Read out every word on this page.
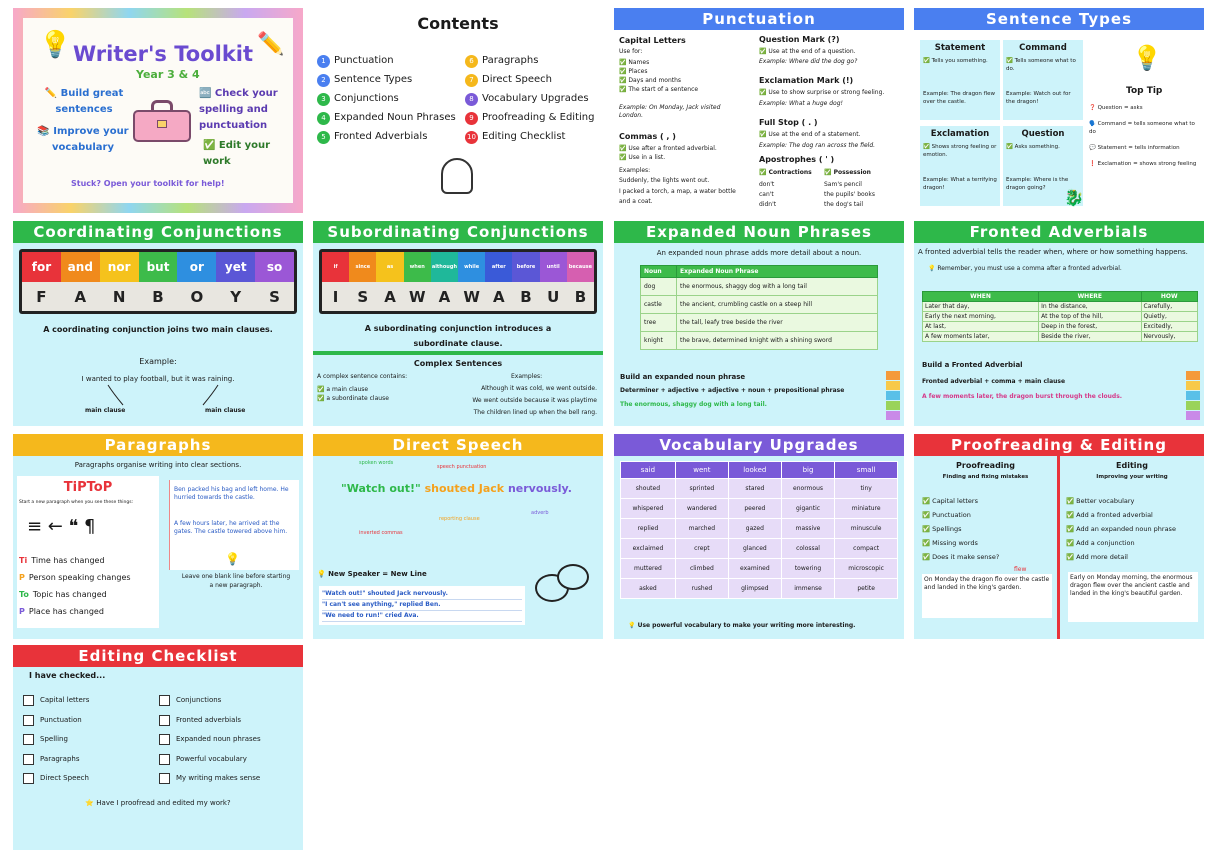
💡	✏️
Writer's Toolkit
Year 3 & 4
✏️ Build great sentences
🔤 Check your spelling and punctuation
📚 Improve your vocabulary	✅ Edit your work
Stuck? Open your toolkit for help!
Contents
1 Punctuation
2 Sentence Types
3 Conjunctions
4 Expanded Noun Phrases
5 Fronted Adverbials
6 Paragraphs
7 Direct Speech
8 Vocabulary Upgrades
9 Proofreading & Editing
10 Editing Checklist
Punctuation
Capital Letters
Use for:
✅ Names
✅ Places
✅ Days and months
✅ The start of a sentence
Example: On Monday, Jack visited London.
Commas ( , )
✅ Use after a fronted adverbial.
✅ Use in a list.
Examples:
Suddenly, the lights went out.
I packed a torch, a map, a water bottle and a coat.
Question Mark (?)
✅ Use at the end of a question.
Example: Where did the dog go?
Exclamation Mark (!)
✅ Use to show surprise or strong feeling.
Example: What a huge dog!
Full Stop ( . )
✅ Use at the end of a statement.
Example: The dog ran across the field.
Apostrophes ( ' )
✅ Contractions ✅ Possession
don't
can't
didn't
Sam's pencil
the pupils' books
the dog's tail
Sentence Types
Statement
✅ Tells you something.
Example: The dragon flew over the castle.
Command
✅ Tells someone what to do.
Example: Watch out for the dragon!
Exclamation
✅ Shows strong feeling or emotion.
Example: What a terrifying dragon!
Question
✅ Asks something.
Example: Where is the dragon going?
💡
Top Tip
❓ Question = asks
🗣️ Command = tells someone what to do
💬 Statement = tells information
❗ Exclamation = shows strong feeling
🐉
Coordinating Conjunctions
for	and	nor	but	or	yet	so
F	A	N	B	O	Y	S
A coordinating conjunction joins two main clauses.
Example:
I wanted to play football, but it was raining.
main clause	main clause
Subordinating Conjunctions
if	since	as	when	although	while	after	before	until	because
I	S	A W A W A	B	U	B
A subordinating conjunction introduces a subordinate clause.
Complex Sentences
A complex sentence contains:
✅ a main clause
✅ a subordinate clause
Examples:
Although it was cold, we went outside.
We went outside because it was playtime
The children lined up when the bell rang.
Expanded Noun Phrases
An expanded noun phrase adds more detail about a noun.
Noun	Expanded Noun Phrase
dog	the enormous, shaggy dog with a long tail
castle	the ancient, crumbling castle on a steep hill
tree	the tall, leafy tree beside the river
knight	the brave, determined knight with a shining sword
Build an expanded noun phrase
Determiner + adjective + adjective + noun + prepositional phrase
The enormous, shaggy dog with a long tail.
Fronted Adverbials
A fronted adverbial tells the reader when, where or how something happens.
💡 Remember, you must use a comma after a fronted adverbial.
WHEN	WHERE	HOW
Later that day,	In the distance,	Carefully,
Early the next morning,	At the top of the hill,	Quietly,
At last,	Deep in the forest,	Excitedly,
A few moments later,	Beside the river,	Nervously,
Build a Fronted Adverbial
Fronted adverbial + comma + main clause
A few moments later, the dragon burst through the clouds.
Paragraphs
Paragraphs organise writing into clear sections.
TiPToP
Start a new paragraph when you see these things:
≡ ← ❝ ¶
Ti Time has changed
P Person speaking changes
To Topic has changed
P Place has changed
Ben packed his bag and left home. He hurried towards the castle.
A few hours later, he arrived at the gates. The castle towered above him.
💡
Leave one blank line before starting a new paragraph.
Direct Speech
spoken words
speech punctuation
"Watch out!" shouted Jack nervously.
inverted commas
reporting clause
adverb
💡 New Speaker = New Line
"Watch out!" shouted Jack nervously.
"I can't see anything," replied Ben.
"We need to run!" cried Ava.
Vocabulary Upgrades
said	went	looked	big	small
shouted	sprinted	stared	enormous	tiny
whispered	wandered	peered	gigantic	miniature
replied	marched	gazed	massive	minuscule
exclaimed	crept	glanced	colossal	compact
muttered	climbed	examined	towering	microscopic
asked	rushed	glimpsed	immense	petite
💡 Use powerful vocabulary to make your writing more interesting.
Proofreading & Editing
Proofreading
Finding and fixing mistakes
✅ Capital letters
✅ Punctuation
✅ Spellings
✅ Missing words
✅ Does it make sense?
flew
On Monday the dragon flo over the castle and landed in the king's garden.
Editing
Improving your writing
✅ Better vocabulary
✅ Add a fronted adverbial
✅ Add an expanded noun phrase
✅ Add a conjunction
✅ Add more detail
Early on Monday morning, the enormous dragon flew over the ancient castle and landed in the king's beautiful garden.
Editing Checklist
I have checked...
Capital letters
Punctuation
Spelling
Paragraphs
Direct Speech
Conjunctions
Fronted adverbials
Expanded noun phrases
Powerful vocabulary
My writing makes sense
⭐ Have I proofread and edited my work?
